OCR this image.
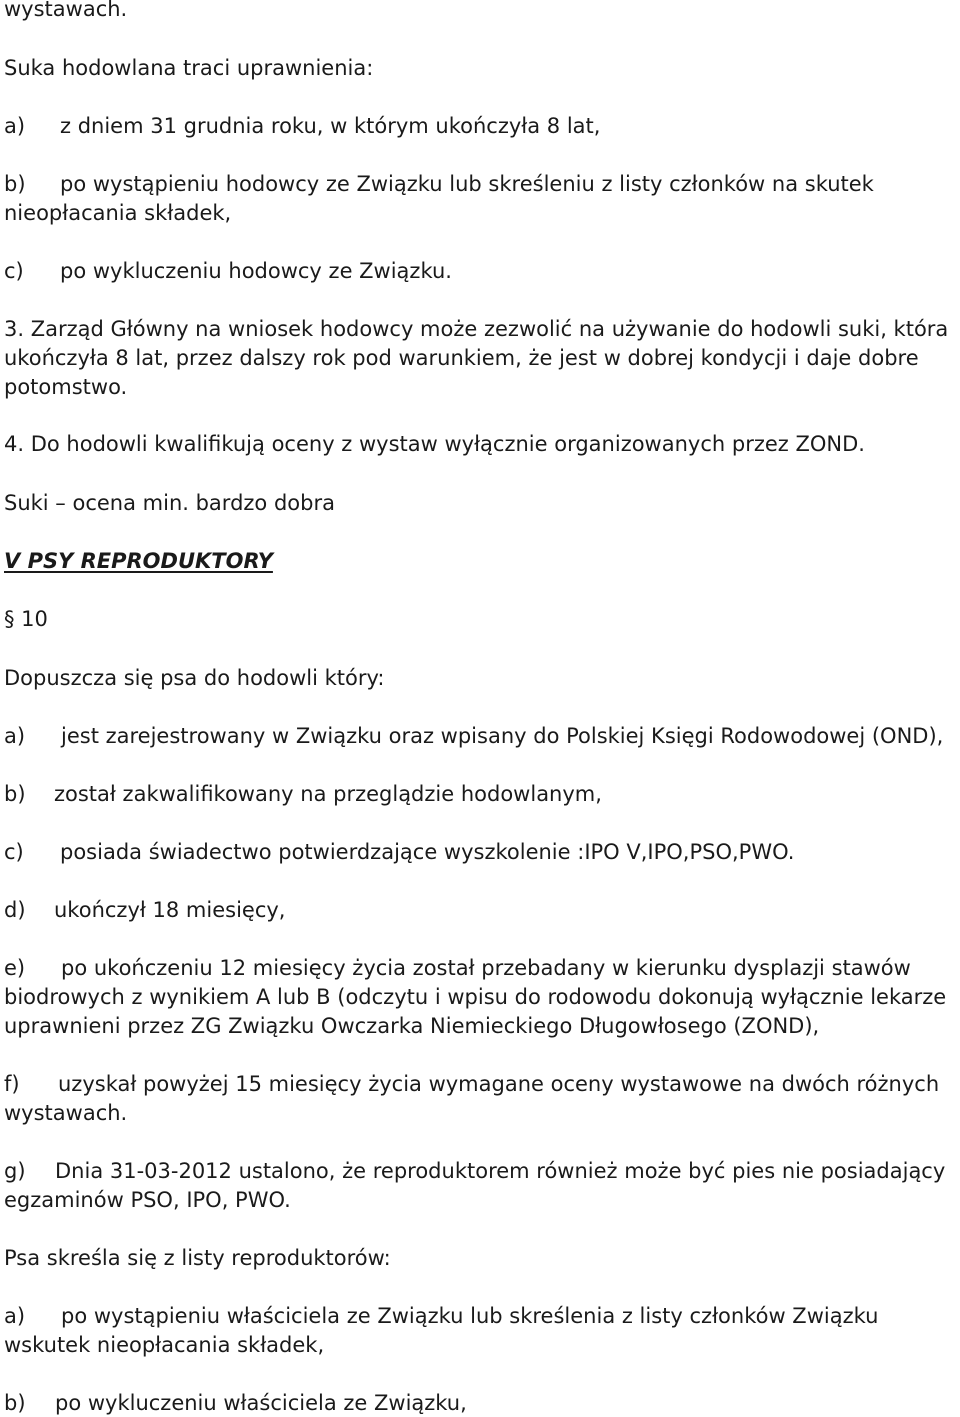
wystawach.
Suka hodowlana traci uprawnienia:
a) z dniem 31 grudnia roku, w którym ukończyła 8 lat,
b) po wystąpieniu hodowcy ze Związku lub skreśleniu z listy członków na skutek
nieopłacania składek,
c) po wykluczeniu hodowcy ze Związku.
3. Zarząd Główny na wniosek hodowcy może zezwolić na używanie do hodowli suki, która
ukończyła 8 lat, przez dalszy rok pod warunkiem, że jest w dobrej kondycji i daje dobre
potomstwo.
4. Do hodowli kwalifikują oceny z wystaw wyłącznie organizowanych przez ZOND.
Suki – ocena min. bardzo dobra
V PSY REPRODUKTORY
§ 10
Dopuszcza się psa do hodowli który:
a) jest zarejestrowany w Związku oraz wpisany do Polskiej Księgi Rodowodowej (OND),
b) został zakwalifikowany na przeglądzie hodowlanym,
c) posiada świadectwo potwierdzające wyszkolenie :IPO V,IPO,PSO,PWO.
d) ukończył 18 miesięcy,
e) po ukończeniu 12 miesięcy życia został przebadany w kierunku dysplazji stawów
biodrowych z wynikiem A lub B (odczytu i wpisu do rodowodu dokonują wyłącznie lekarze
uprawnieni przez ZG Związku Owczarka Niemieckiego Długowłosego (ZOND),
f) uzyskał powyżej 15 miesięcy życia wymagane oceny wystawowe na dwóch różnych
wystawach.
g) Dnia 31-03-2012 ustalono, że reproduktorem również może być pies nie posiadający
egzaminów PSO, IPO, PWO.
Psa skreśla się z listy reproduktorów:
a) po wystąpieniu właściciela ze Związku lub skreślenia z listy członków Związku
wskutek nieopłacania składek,
b) po wykluczeniu właściciela ze Związku,
